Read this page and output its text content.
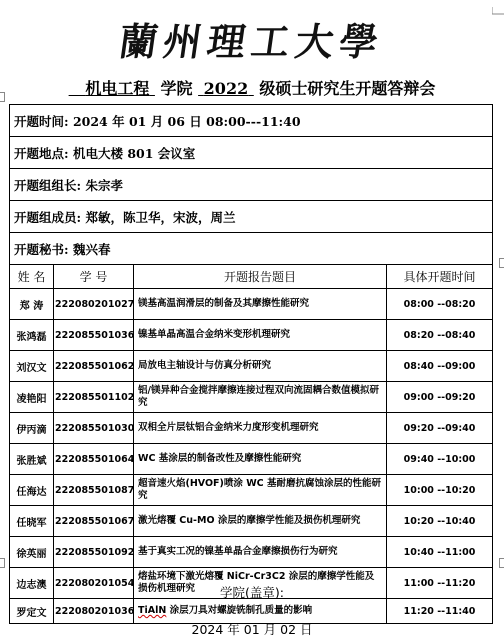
蘭州理工大學
机电工程 学院 2022 级硕士研究生开题答辩会
开题时间: 2024 年 01 月 06 日 08:00---11:40			
开题地点: 机电大楼 801 会议室			
开题组组长: 朱宗孝			
开题组成员: 郑敏，陈卫华，宋波，周兰			
开题秘书: 魏兴春			
姓 名	学 号	开题报告题目	具体开题时间
郑 涛	222080201027	镁基高温润滑层的制备及其摩擦性能研究	08:00 --08:20
张鸿磊	222085501036	镍基单晶高温合金纳米变形机理研究	08:20 --08:40
刘汉文	222085501062	局放电主轴设计与仿真分析研究	08:40 --09:00
凌艳阳	222085501102	铝/镁异种合金搅拌摩擦连接过程双向流固耦合数值模拟研究	09:00 --09:20
伊丙滴	222085501030	双相全片层钛铝合金纳米力度形变机理研究	09:20 --09:40
张胜斌	222085501064	WC 基涂层的制备改性及摩擦性能研究	09:40 --10:00
任海达	222085501087	超音速火焰(HVOF)喷涂 WC 基耐磨抗腐蚀涂层的性能研究	10:00 --10:20
任晓军	222085501067	激光熔覆 Cu-MO 涂层的摩擦学性能及损伤机理研究	10:20 --10:40
徐英丽	222085501092	基于真实工况的镍基单晶合金摩擦损伤行为研究	10:40 --11:00
边志澳	222080201054	熔盐环境下激光熔覆 NiCr-Cr3C2 涂层的摩擦学性能及损伤机理研究	11:00 --11:20
罗定文	222080201036	TiAlN 涂层刀具对螺旋铣制孔质量的影响	11:20 --11:40
学院(盖章):
2024 年 01 月 02 日
